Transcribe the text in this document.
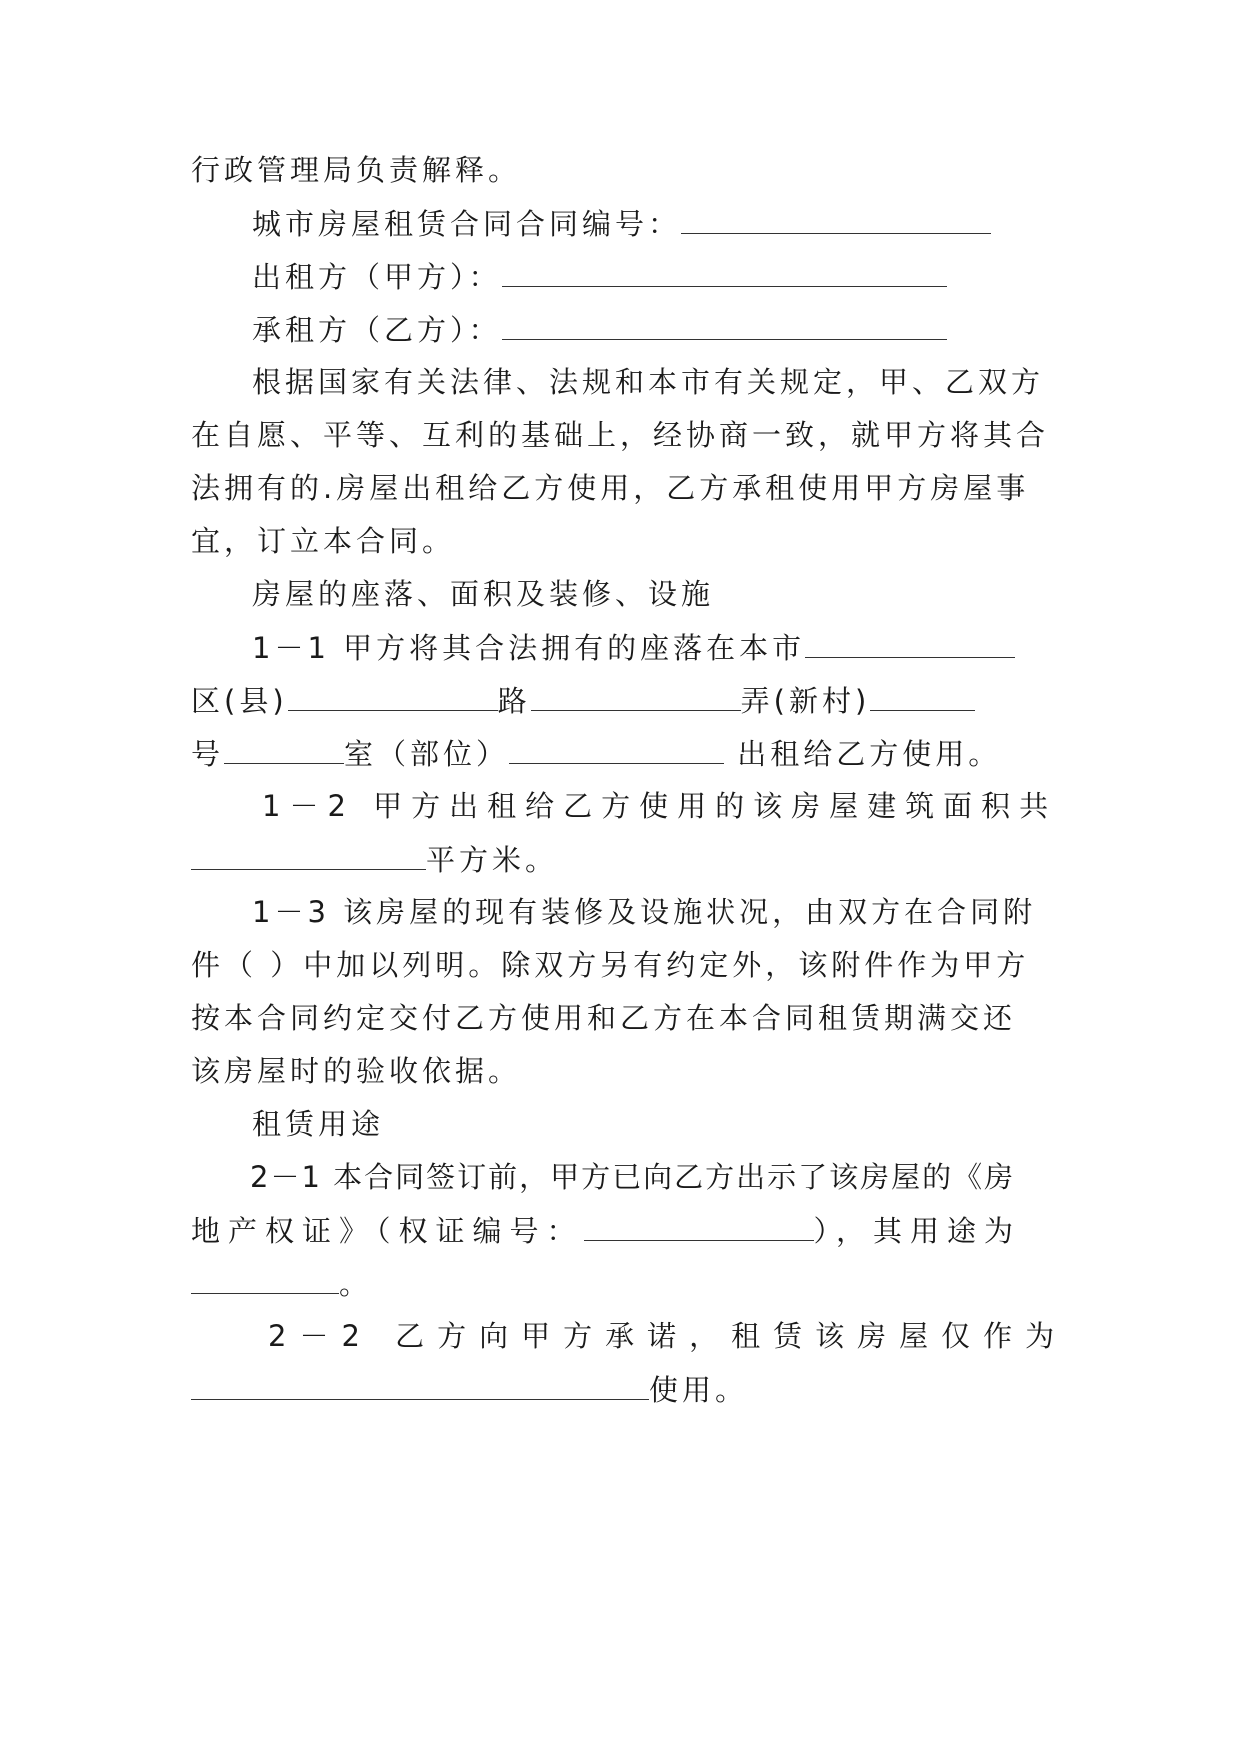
行政管理局负责解释。
城市房屋租赁合同合同编号：
出租方（甲方）：
承租方（乙方）：
根据国家有关法律、法规和本市有关规定，甲、乙双方
在自愿、平等、互利的基础上，经协商一致，就甲方将其合
法拥有的.房屋出租给乙方使用，乙方承租使用甲方房屋事
宜，订立本合同。
房屋的座落、面积及装修、设施
1－1 甲方将其合法拥有的座落在本市
区(县)	路	弄(新村)
号	室（部位）	出租给乙方使用。
1－2 甲方出租给乙方使用的该房屋建筑面积共
平方米。
1－3 该房屋的现有装修及设施状况，由双方在合同附
件（ ）中加以列明。除双方另有约定外，该附件作为甲方
按本合同约定交付乙方使用和乙方在本合同租赁期满交还
该房屋时的验收依据。
租赁用途
2－1 本合同签订前，甲方已向乙方出示了该房屋的《房
地产权证》（权证编号：	），其用途为
。
2－2 乙方向甲方承诺，租赁该房屋仅作为
使用。
